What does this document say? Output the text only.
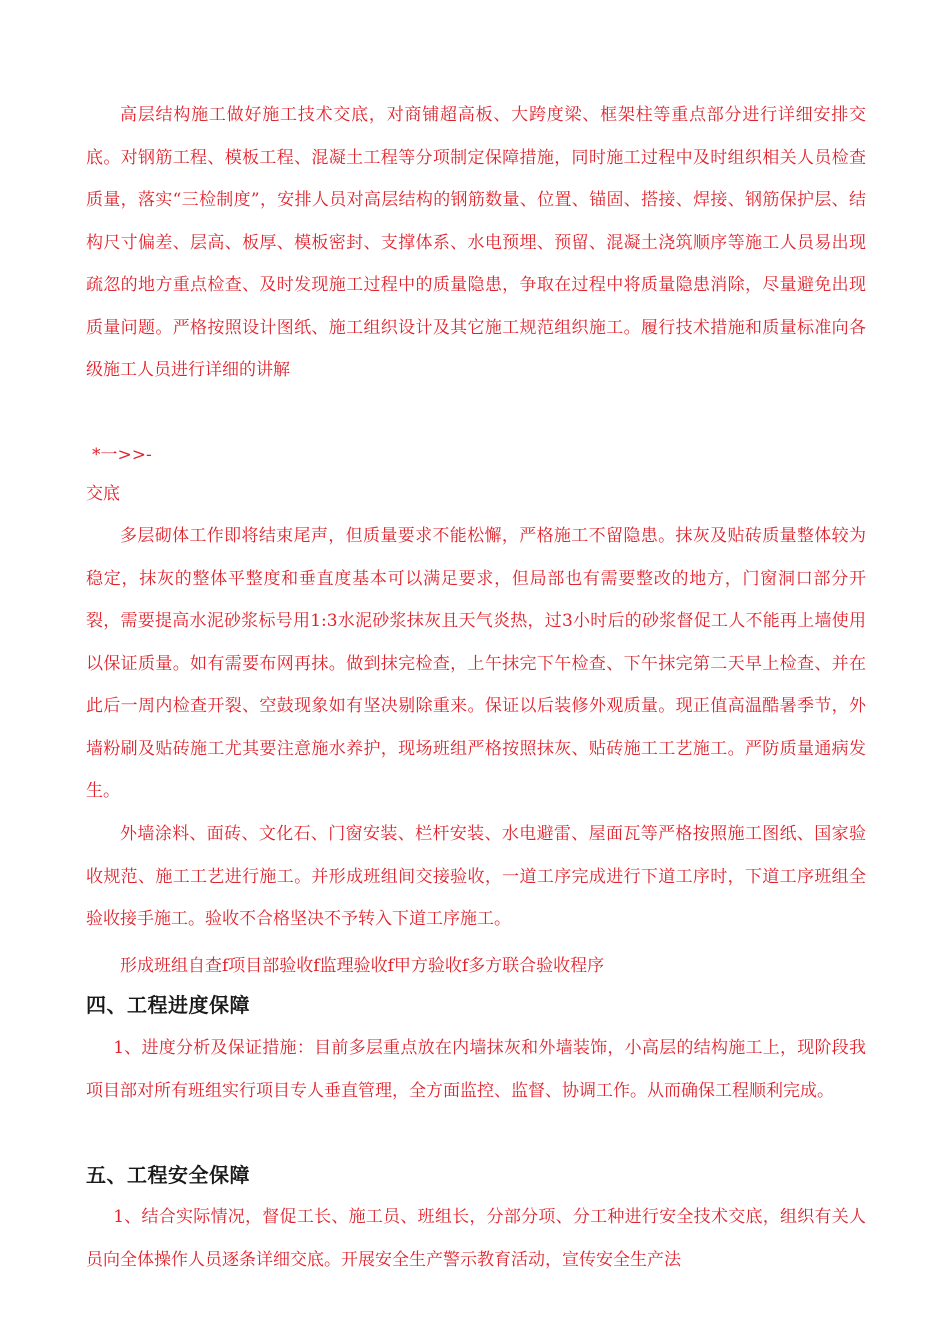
高层结构施工做好施工技术交底，对商铺超高板、大跨度梁、框架柱等重点部分进行详细安排交底。对钢筋工程、模板工程、混凝土工程等分项制定保障措施，同时施工过程中及时组织相关人员检查质量，落实“三检制度”，安排人员对高层结构的钢筋数量、位置、锚固、搭接、焊接、钢筋保护层、结构尺寸偏差、层高、板厚、模板密封、支撑体系、水电预埋、预留、混凝土浇筑顺序等施工人员易出现疏忽的地方重点检查、及时发现施工过程中的质量隐患，争取在过程中将质量隐患消除，尽量避免出现质量问题。严格按照设计图纸、施工组织设计及其它施工规范组织施工。履行技术措施和质量标准向各级施工人员进行详细的讲解

*一>>-

交底

多层砌体工作即将结束尾声，但质量要求不能松懈，严格施工不留隐患。抹灰及贴砖质量整体较为稳定，抹灰的整体平整度和垂直度基本可以满足要求，但局部也有需要整改的地方，门窗洞口部分开裂，需要提高水泥砂浆标号用1:3水泥砂浆抹灰且天气炎热，过3小时后的砂浆督促工人不能再上墙使用以保证质量。如有需要布网再抹。做到抹完检查，上午抹完下午检查、下午抹完第二天早上检查、并在此后一周内检查开裂、空鼓现象如有坚决剔除重来。保证以后装修外观质量。现正值高温酷暑季节，外墙粉刷及贴砖施工尤其要注意施水养护，现场班组严格按照抹灰、贴砖施工工艺施工。严防质量通病发生。

外墙涂料、面砖、文化石、门窗安装、栏杆安装、水电避雷、屋面瓦等严格按照施工图纸、国家验收规范、施工工艺进行施工。并形成班组间交接验收，一道工序完成进行下道工序时，下道工序班组全验收接手施工。验收不合格坚决不予转入下道工序施工。

形成班组自查f项目部验收f监理验收f甲方验收f多方联合验收程序

四、工程进度保障

1、进度分析及保证措施：目前多层重点放在内墙抹灰和外墙装饰，小高层的结构施工上，现阶段我项目部对所有班组实行项目专人垂直管理，全方面监控、监督、协调工作。从而确保工程顺利完成。

五、工程安全保障

1、结合实际情况，督促工长、施工员、班组长，分部分项、分工种进行安全技术交底，组织有关人员向全体操作人员逐条详细交底。开展安全生产警示教育活动，宣传安全生产法
